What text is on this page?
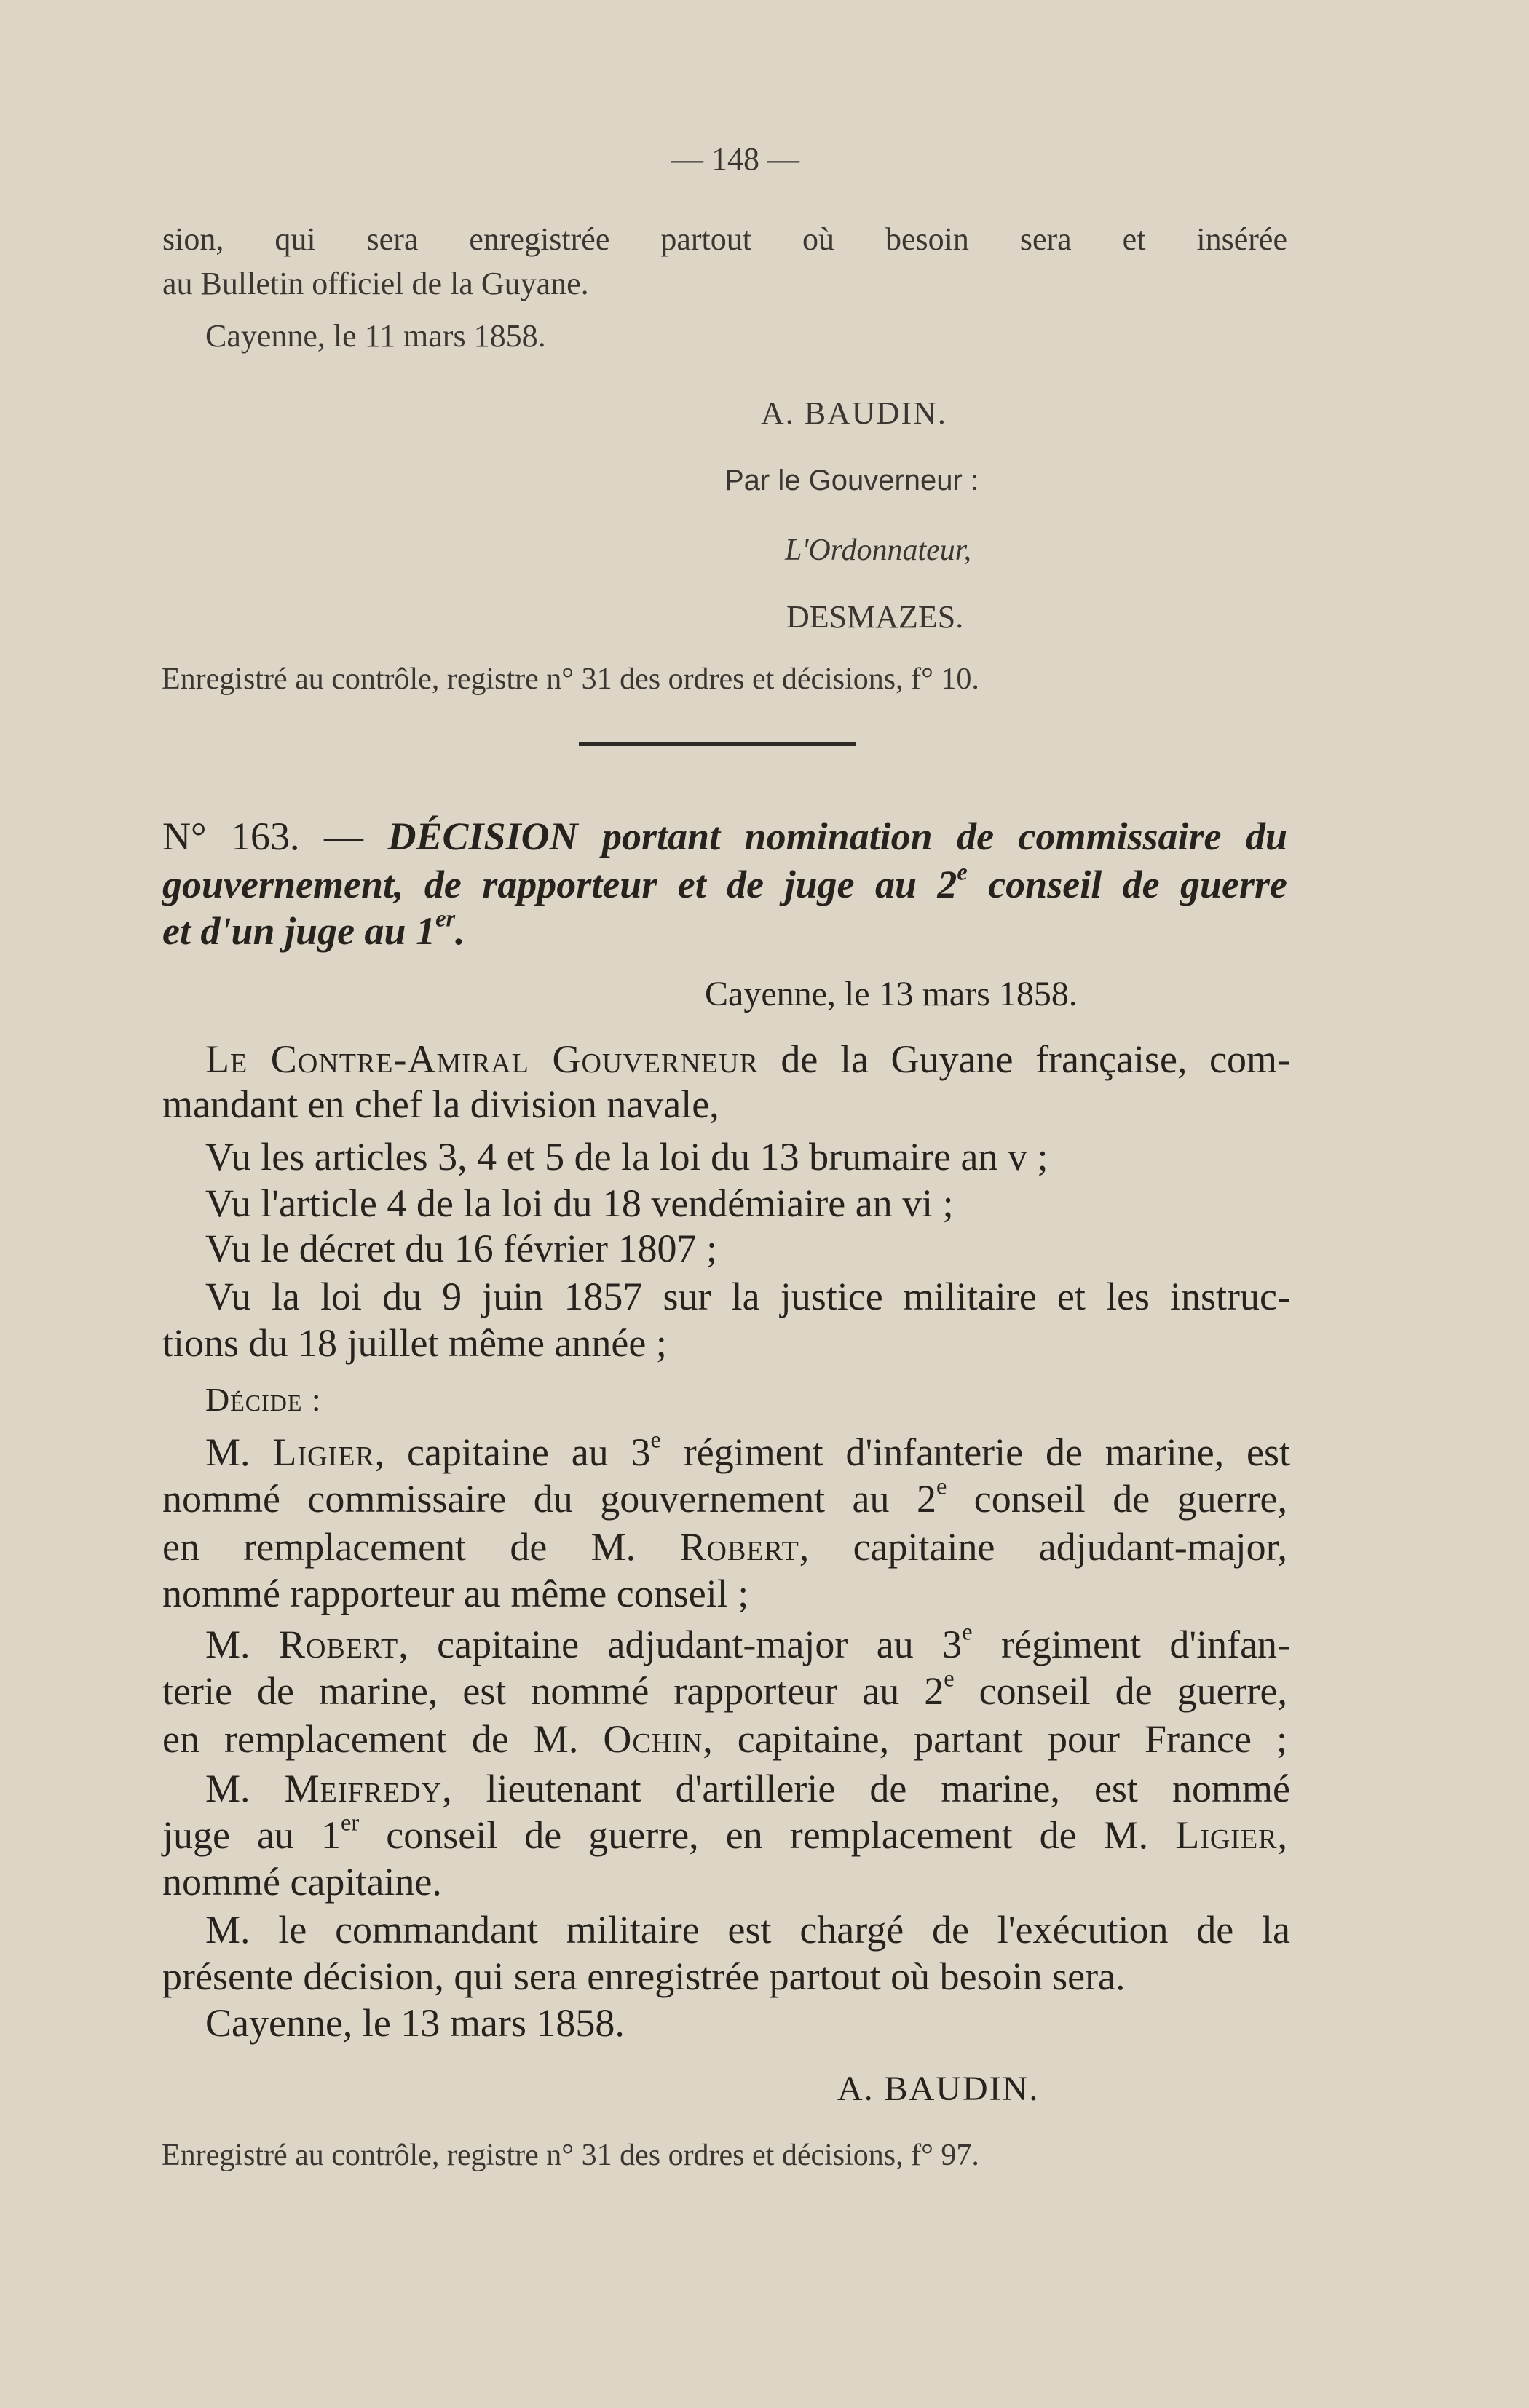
— 148 —
sion, qui sera enregistrée partout où besoin sera et insérée
au Bulletin officiel de la Guyane.
Cayenne, le 11 mars 1858.
A. BAUDIN.
Par le Gouverneur :
L'Ordonnateur,
DESMAZES.
Enregistré au contrôle, registre n° 31 des ordres et décisions, f° 10.
N° 163. — DÉCISION portant nomination de commissaire du
gouvernement, de rapporteur et de juge au 2e conseil de guerre
et d'un juge au 1er.
Cayenne, le 13 mars 1858.
Le Contre-Amiral Gouverneur de la Guyane française, com-
mandant en chef la division navale,
Vu les articles 3, 4 et 5 de la loi du 13 brumaire an v ;
Vu l'article 4 de la loi du 18 vendémiaire an vi ;
Vu le décret du 16 février 1807 ;
Vu la loi du 9 juin 1857 sur la justice militaire et les instruc-
tions du 18 juillet même année ;
Décide :
M. Ligier, capitaine au 3e régiment d'infanterie de marine, est
nommé commissaire du gouvernement au 2e conseil de guerre,
en remplacement de M. Robert, capitaine adjudant-major,
nommé rapporteur au même conseil ;
M. Robert, capitaine adjudant-major au 3e régiment d'infan-
terie de marine, est nommé rapporteur au 2e conseil de guerre,
en remplacement de M. Ochin, capitaine, partant pour France ;
M. Meifredy, lieutenant d'artillerie de marine, est nommé
juge au 1er conseil de guerre, en remplacement de M. Ligier,
nommé capitaine.
M. le commandant militaire est chargé de l'exécution de la
présente décision, qui sera enregistrée partout où besoin sera.
Cayenne, le 13 mars 1858.
A. BAUDIN.
Enregistré au contrôle, registre n° 31 des ordres et décisions, f° 97.
